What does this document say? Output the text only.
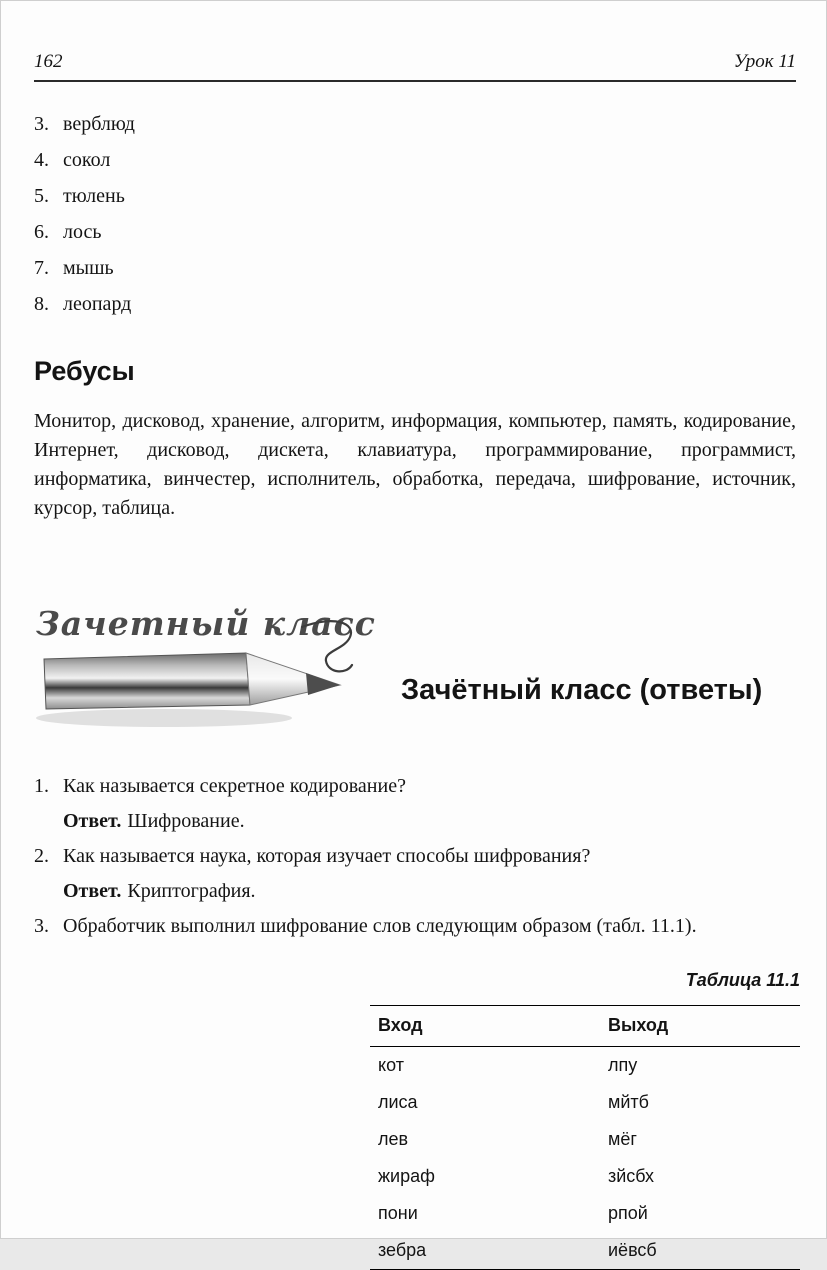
162	Урок 11
3. верблюд
4. сокол
5. тюлень
6. лось
7. мышь
8. леопард
Ребусы

Монитор, дисковод, хранение, алгоритм, информация, компьютер, память, кодирование, Интернет, дисковод, дискета, клавиатура, программирование, программист, информатика, винчестер, исполнитель, обработка, передача, шифрование, источник, курсор, таблица.

Зачетный класс
Зачётный класс (ответы)
1. Как называется секретное кодирование?
Ответ. Шифрование.
2. Как называется наука, которая изучает способы шифрования?
Ответ. Криптография.
3. Обработчик выполнил шифрование слов следующим образом (табл. 11.1).
Таблица 11.1
Вход	Выход
кот	лпу
лиса	мйтб
лев	мёг
жираф	зйсбх
пони	рпой
зебра	иёвсб
